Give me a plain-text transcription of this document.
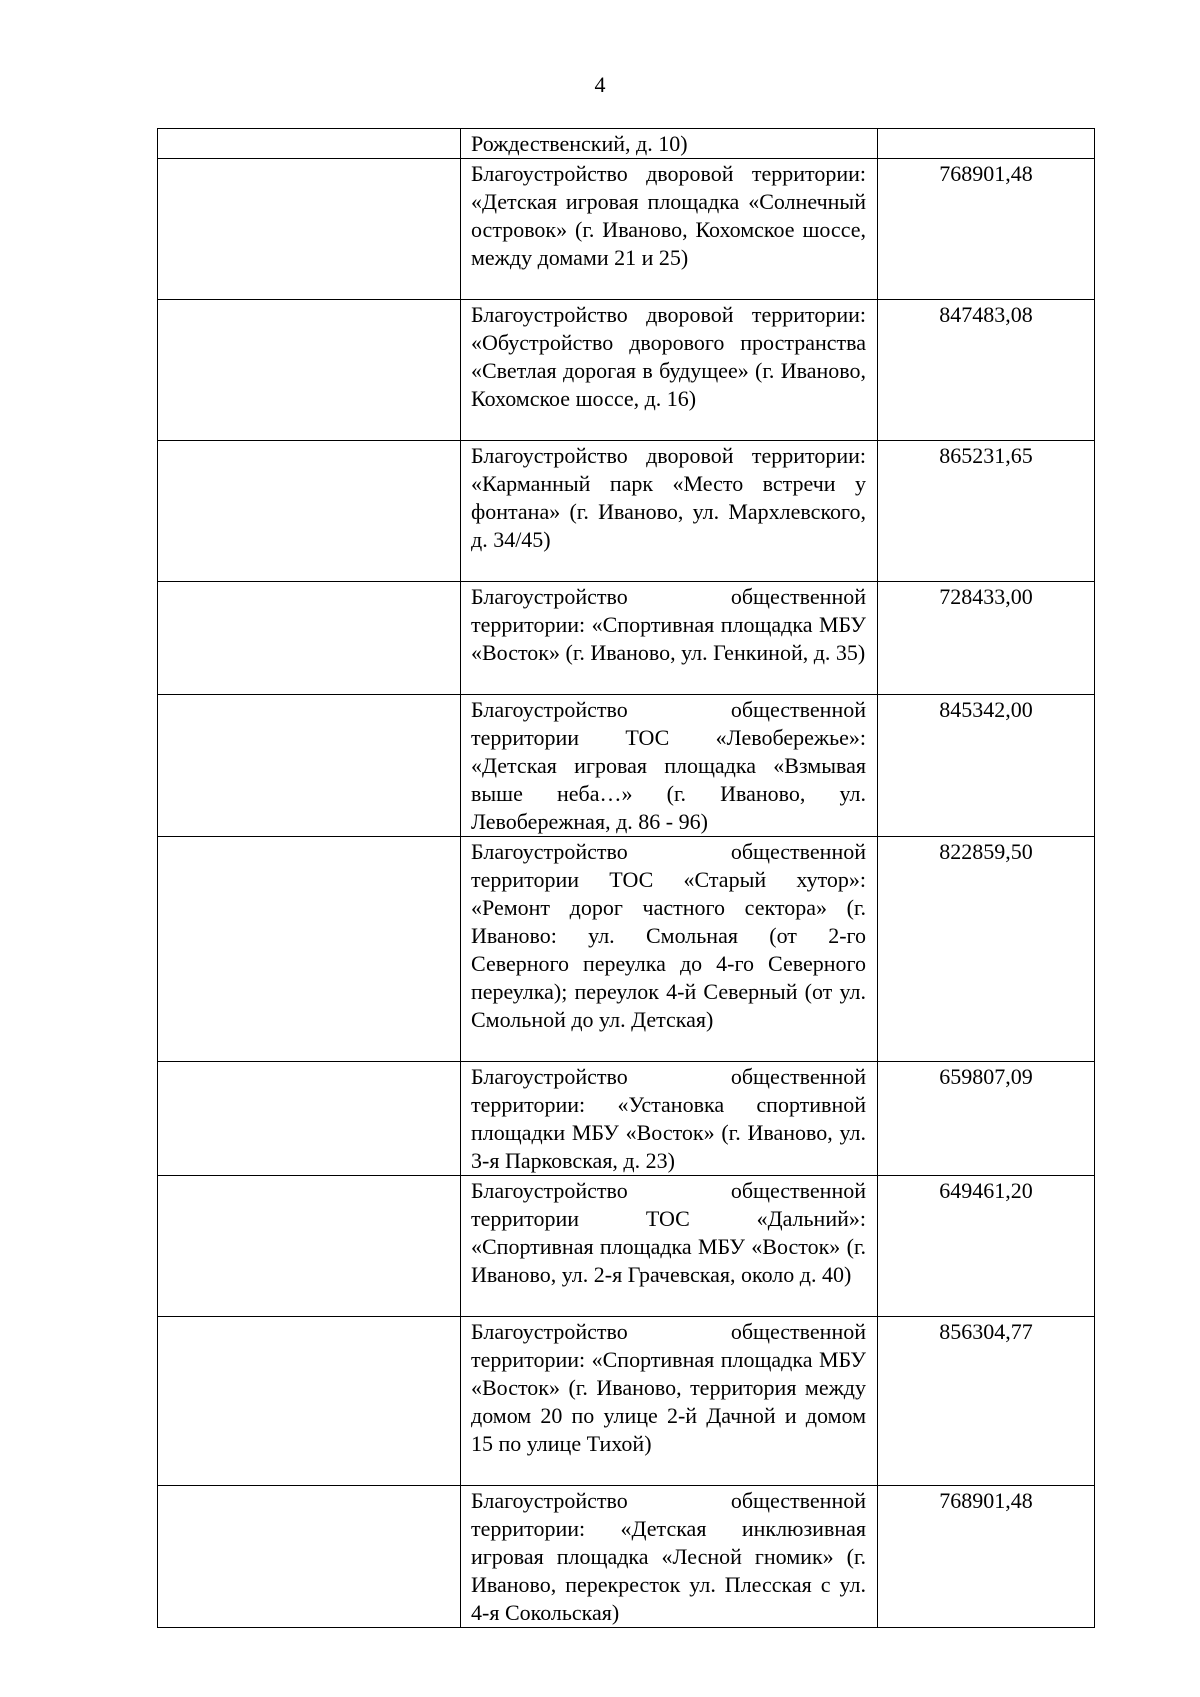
4
	Рождественский, д. 10)	
	Благоустройство дворовой территории: «Детская игровая площадка «Солнечный островок» (г. Иваново, Кохомское шоссе, между домами 21 и 25)	768901,48
	Благоустройство дворовой территории: «Обустройство дворового пространства «Светлая дорогая в будущее» (г. Иваново, Кохомское шоссе, д. 16)	847483,08
	Благоустройство дворовой территории: «Карманный парк «Место встречи у фонтана» (г. Иваново, ул. Мархлевского, д. 34/45)	865231,65
	Благоустройство общественной территории: «Спортивная площадка МБУ «Восток» (г. Иваново, ул. Генкиной, д. 35)	728433,00
	Благоустройство общественной территории ТОС «Левобережье»: «Детская игровая площадка «Взмывая выше неба…» (г. Иваново, ул. Левобережная, д. 86 - 96)	845342,00
	Благоустройство общественной территории ТОС «Старый хутор»: «Ремонт дорог частного сектора» (г. Иваново: ул. Смольная (от 2-го Северного переулка до 4-го Северного переулка); переулок 4-й Северный (от ул. Смольной до ул. Детская)	822859,50
	Благоустройство общественной территории: «Установка спортивной площадки МБУ «Восток» (г. Иваново, ул. 3-я Парковская, д. 23)	659807,09
	Благоустройство общественной территории ТОС «Дальний»: «Спортивная площадка МБУ «Восток» (г. Иваново, ул. 2-я Грачевская, около д. 40)	649461,20
	Благоустройство общественной территории: «Спортивная площадка МБУ «Восток» (г. Иваново, территория между домом 20 по улице 2-й Дачной и домом 15 по улице Тихой)	856304,77
	Благоустройство общественной территории: «Детская инклюзивная игровая площадка «Лесной гномик» (г. Иваново, перекресток ул. Плесская с ул. 4-я Сокольская)	768901,48
